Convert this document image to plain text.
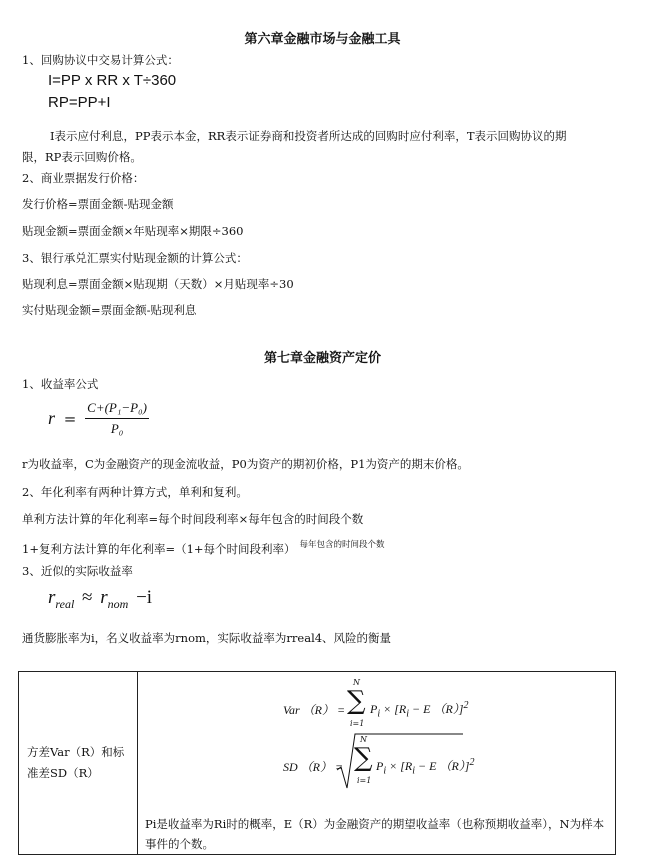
第六章金融市场与金融工具
1、回购协议中交易计算公式：
I=PP x RR x T÷360
RP=PP+I
I表示应付利息，PP表示本金，RR表示证券商和投资者所达成的回购时应付利率，T表示回购协议的期
限，RP表示回购价格。
2、商业票据发行价格：
发行价格=票面金额-贴现金额
贴现金额=票面金额×年贴现率×期限÷360
3、银行承兑汇票实付贴现金额的计算公式：
贴现利息=票面金额×贴现期（天数）×月贴现率÷30
实付贴现金额=票面金额-贴现利息
第七章金融资产定价
1、收益率公式
$r = \frac{\text{C+(P₁−P₀)}}{\text{P₀}}$
r为收益率，C为金融资产的现金流收益，P0为资产的期初价格，P1为资产的期末价格。
2、年化利率有两种计算方式，单利和复利。
单利方法计算的年化利率=每个时间段利率×每年包含的时间段个数
1+复利方法计算的年化利率=（1+每个时间段利率） $^{每年包含的时间段个数}$
3、近似的实际收益率
$r_{real} \approx r_{nom} -i$
通货膨胀率为i，名义收益率为rnom，实际收益率为rreal4、风险的衡量
方差Var（R）和标准差SD（R）

Var （R） =
N
∑
i=1
$P_i \times [R_i - E$ （R）]$^2$
SD （R） =
N
∑
i=1
$P_i \times [R_i - E$ （R）]$^2$
Pi是收益率为Ri时的概率，E（R）为金融资产的期望收益率（也称预期收益率），N为样本事件的个数。
